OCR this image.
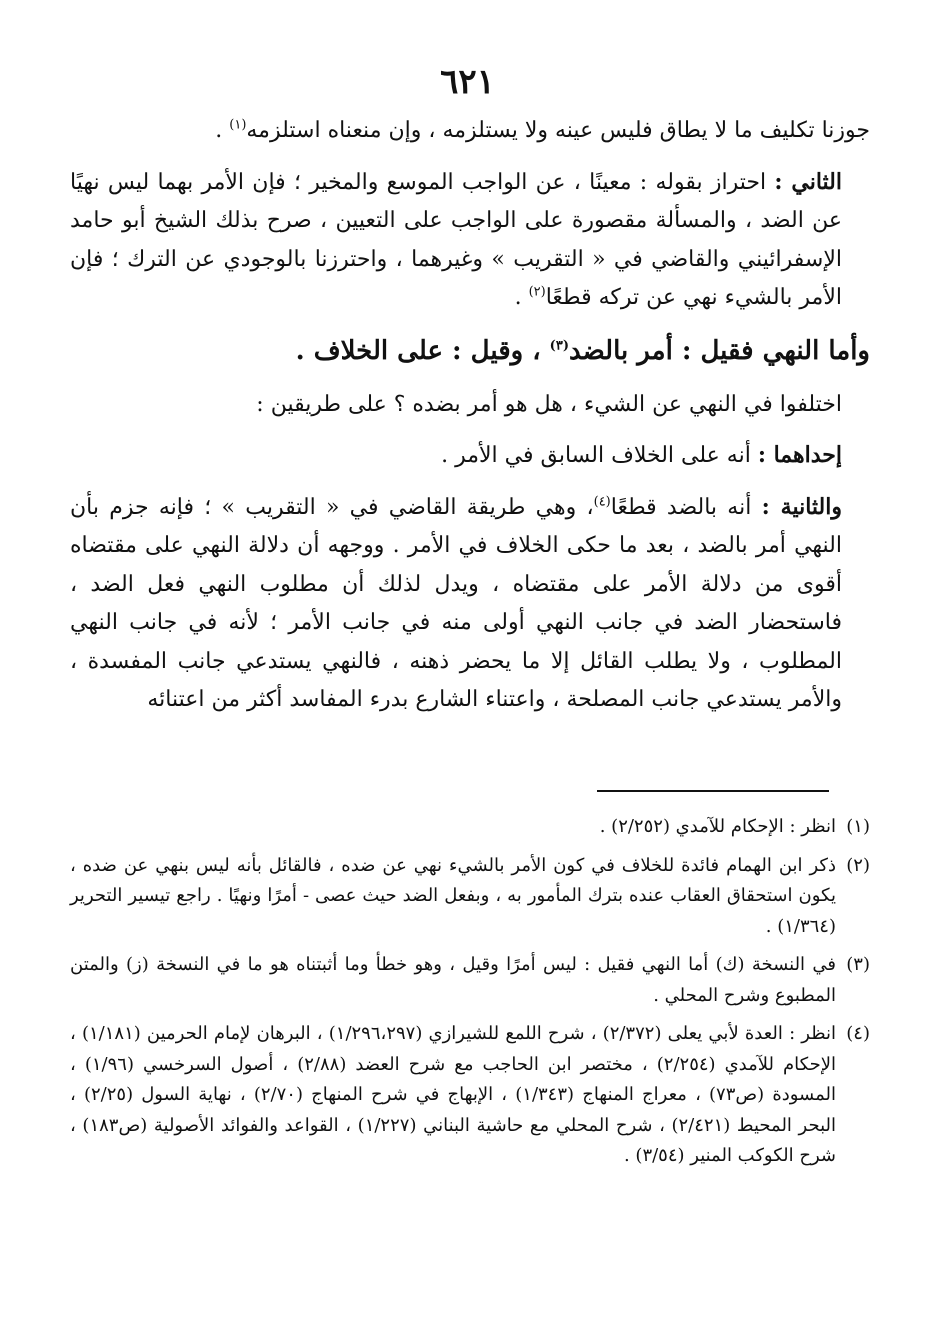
٦٢١

جوزنا تكليف ما لا يطاق فليس عينه ولا يستلزمه ، وإن منعناه استلزمه$^{(١)}$ .

الثاني : احتراز بقوله : معينًا ، عن الواجب الموسع والمخير ؛ فإن الأمر بهما ليس نهيًا عن الضد ، والمسألة مقصورة على الواجب على التعيين ، صرح بذلك الشيخ أبو حامد الإسفرائيني والقاضي في « التقريب » وغيرهما ، واحترزنا بالوجودي عن الترك ؛ فإن الأمر بالشيء نهي عن تركه قطعًا$^{(٢)}$ .

وأما النهي فقيل : أمر بالضد$^{(٣)}$ ، وقيل : على الخلاف .

اختلفوا في النهي عن الشيء ، هل هو أمر بضده ؟ على طريقين :

إحداهما : أنه على الخلاف السابق في الأمر .

والثانية : أنه بالضد قطعًا$^{(٤)}$، وهي طريقة القاضي في « التقريب » ؛ فإنه جزم بأن النهي أمر بالضد ، بعد ما حكى الخلاف في الأمر . ووجهه أن دلالة النهي على مقتضاه أقوى من دلالة الأمر على مقتضاه ، ويدل لذلك أن مطلوب النهي فعل الضد ، فاستحضار الضد في جانب النهي أولى منه في جانب الأمر ؛ لأنه في جانب النهي المطلوب ، ولا يطلب القائل إلا ما يحضر ذهنه ، فالنهي يستدعي جانب المفسدة ، والأمر يستدعي جانب المصلحة ، واعتناء الشارع بدرء المفاسد أكثر من اعتنائه

(١)
انظر : الإحكام للآمدي (٢/٢٥٢) .
(٢)
ذكر ابن الهمام فائدة للخلاف في كون الأمر بالشيء نهي عن ضده ، فالقائل بأنه ليس بنهي عن ضده ، يكون استحقاق العقاب عنده بترك المأمور به ، وبفعل الضد حيث عصى - أمرًا ونهيًا . راجع تيسير التحرير (١/٣٦٤) .
(٣)
في النسخة (ك) أما النهي فقيل : ليس أمرًا وقيل ، وهو خطأ وما أثبتناه هو ما في النسخة (ز) والمتن المطبوع وشرح المحلي .
(٤)
انظر : العدة لأبي يعلى (٢/٣٧٢) ، شرح اللمع للشيرازي (١/٢٩٦،٢٩٧) ، البرهان لإمام الحرمين (١/١٨١) ، الإحكام للآمدي (٢/٢٥٤) ، مختصر ابن الحاجب مع شرح العضد (٢/٨٨) ، أصول السرخسي (١/٩٦) ، المسودة (ص٧٣) ، معراج المنهاج (١/٣٤٣) ، الإبهاج في شرح المنهاج (٢/٧٠) ، نهاية السول (٢/٢٥) ، البحر المحيط (٢/٤٢١) ، شرح المحلي مع حاشية البناني (١/٢٢٧) ، القواعد والفوائد الأصولية (ص١٨٣) ، شرح الكوكب المنير (٣/٥٤) .
